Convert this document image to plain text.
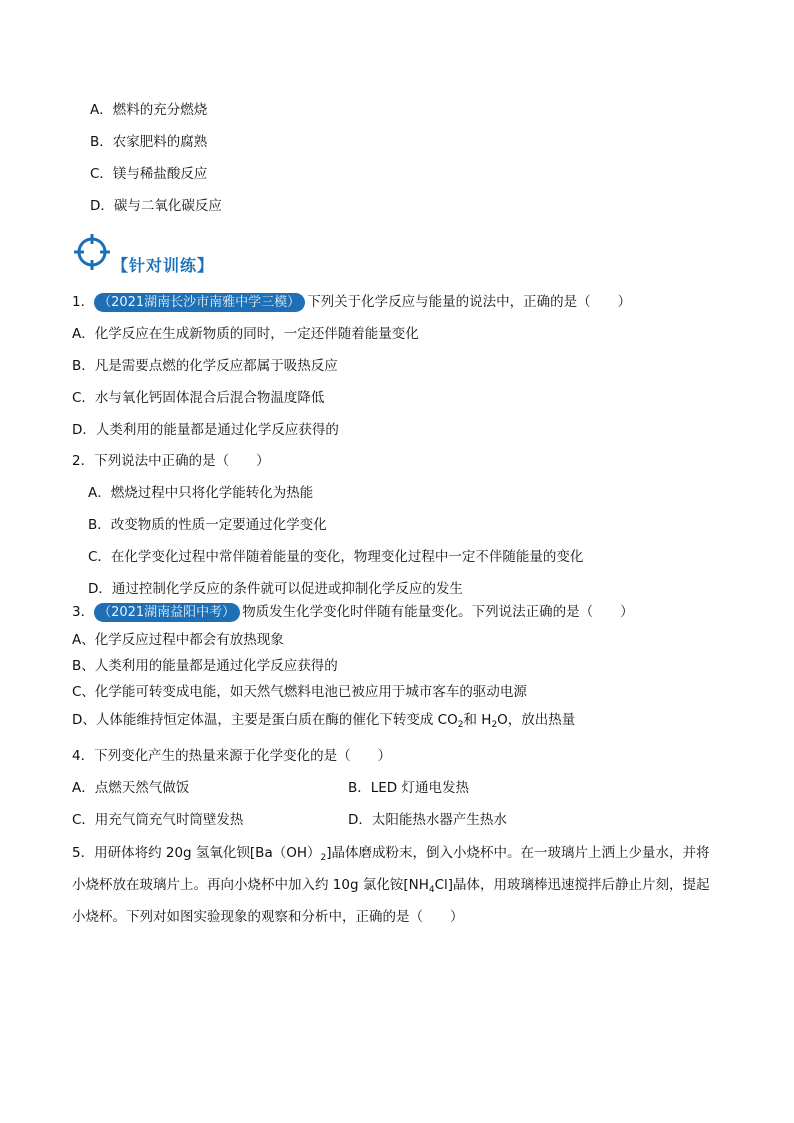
A．燃料的充分燃烧
B．农家肥料的腐熟
C．镁与稀盐酸反应
D．碳与二氧化碳反应
【针对训练】
1． （2021湖南长沙市南雅中学三模） 下列关于化学反应与能量的说法中，正确的是（　　）
A．化学反应在生成新物质的同时，一定还伴随着能量变化
B．凡是需要点燃的化学反应都属于吸热反应
C．水与氧化钙固体混合后混合物温度降低
D．人类利用的能量都是通过化学反应获得的
2．下列说法中正确的是（　　）
A．燃烧过程中只将化学能转化为热能
B．改变物质的性质一定要通过化学变化
C．在化学变化过程中常伴随着能量的变化，物理变化过程中一定不伴随能量的变化
D．通过控制化学反应的条件就可以促进或抑制化学反应的发生
3． （2021湖南益阳中考） 物质发生化学变化时伴随有能量变化。下列说法正确的是（　　）
A、化学反应过程中都会有放热现象
B、人类利用的能量都是通过化学反应获得的
C、化学能可转变成电能，如天然气燃料电池已被应用于城市客车的驱动电源
D、人体能维持恒定体温，主要是蛋白质在酶的催化下转变成 $CO_2$和 $H_2O$，放出热量
4．下列变化产生的热量来源于化学变化的是（　　）
A．点燃天然气做饭	B．LED 灯通电发热
C．用充气筒充气时筒壁发热	D．太阳能热水器产生热水
5．用研体将约 20g 氢氧化钡$[Ba(OH)_2]$晶体磨成粉末，倒入小烧杯中。在一玻璃片上洒上少量水，并将
小烧杯放在玻璃片上。再向小烧杯中加入约 10g 氯化铵$[NH_4Cl]$晶体，用玻璃棒迅速搅拌后静止片刻，提起
小烧杯。下列对如图实验现象的观察和分析中，正确的是（　　）
